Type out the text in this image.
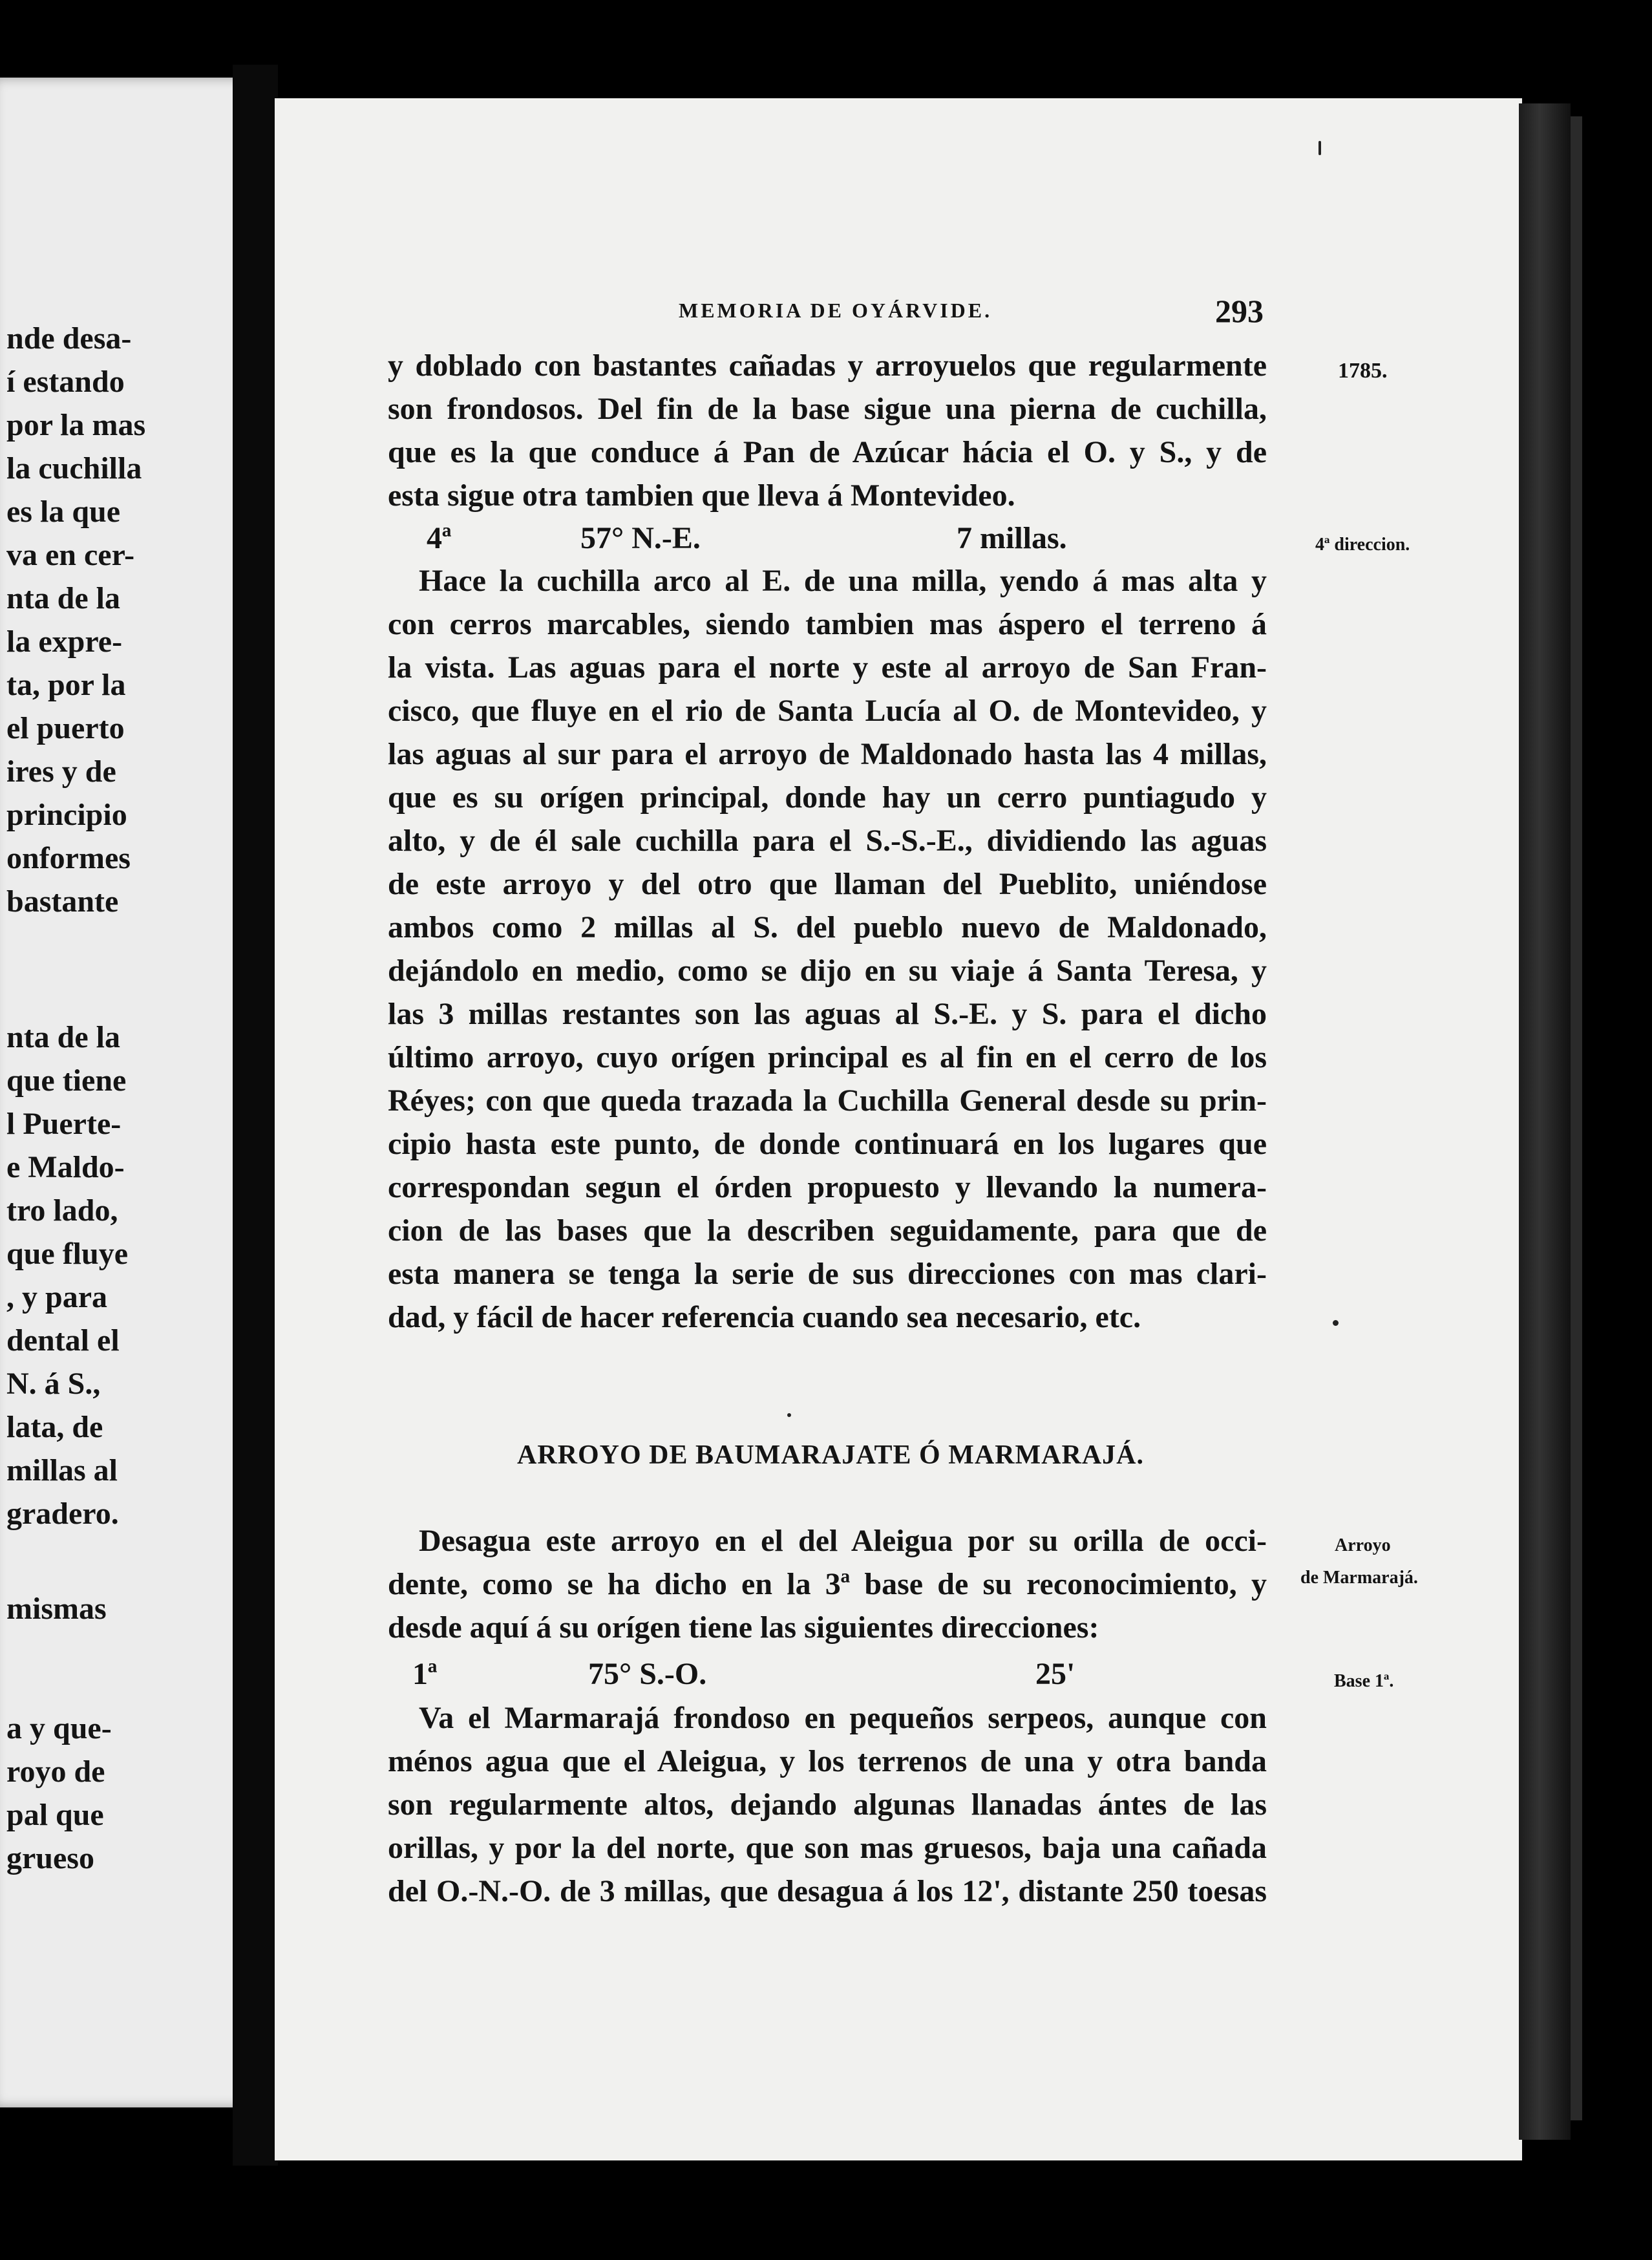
nde desa-
í estando
por la mas
la cuchilla
es la que
va en cer-
nta de la
la expre-
ta, por la
el puerto
ires y de
principio
onformes
bastante
nta de la
que tiene
l Puerte-
e Maldo-
tro lado,
que fluye
, y para
dental el
N. á S.,
lata, de
millas al
gradero.
mismas
a y que-
royo de
pal que
grueso
MEMORIA DE OYÁRVIDE.	293
1785.
4ª direccion.
Arroyo
de Marmarajá.
Base 1ª.
y doblado con bastantes cañadas y arroyuelos que regularmente
son frondosos. Del fin de la base sigue una pierna de cuchilla,
que es la que conduce á Pan de Azúcar hácia el O. y S., y de
esta sigue otra tambien que lleva á Montevideo.
4ª	57° N.-E.	7 millas.
Hace la cuchilla arco al E. de una milla, yendo á mas alta y
con cerros marcables, siendo tambien mas áspero el terreno á
la vista. Las aguas para el norte y este al arroyo de San Fran-
cisco, que fluye en el rio de Santa Lucía al O. de Montevideo, y
las aguas al sur para el arroyo de Maldonado hasta las 4 millas,
que es su orígen principal, donde hay un cerro puntiagudo y
alto, y de él sale cuchilla para el S.-S.-E., dividiendo las aguas
de este arroyo y del otro que llaman del Pueblito, uniéndose
ambos como 2 millas al S. del pueblo nuevo de Maldonado,
dejándolo en medio, como se dijo en su viaje á Santa Teresa, y
las 3 millas restantes son las aguas al S.-E. y S. para el dicho
último arroyo, cuyo orígen principal es al fin en el cerro de los
Réyes; con que queda trazada la Cuchilla General desde su prin-
cipio hasta este punto, de donde continuará en los lugares que
correspondan segun el órden propuesto y llevando la numera-
cion de las bases que la describen seguidamente, para que de
esta manera se tenga la serie de sus direcciones con mas clari-
dad, y fácil de hacer referencia cuando sea necesario, etc.
ARROYO DE BAUMARAJATE Ó MARMARAJÁ.
Desagua este arroyo en el del Aleigua por su orilla de occi-
dente, como se ha dicho en la 3ª base de su reconocimiento, y
desde aquí á su orígen tiene las siguientes direcciones:
1ª	75° S.-O.	25'
Va el Marmarajá frondoso en pequeños serpeos, aunque con
ménos agua que el Aleigua, y los terrenos de una y otra banda
son regularmente altos, dejando algunas llanadas ántes de las
orillas, y por la del norte, que son mas gruesos, baja una cañada
del O.-N.-O. de 3 millas, que desagua á los 12', distante 250 toesas
